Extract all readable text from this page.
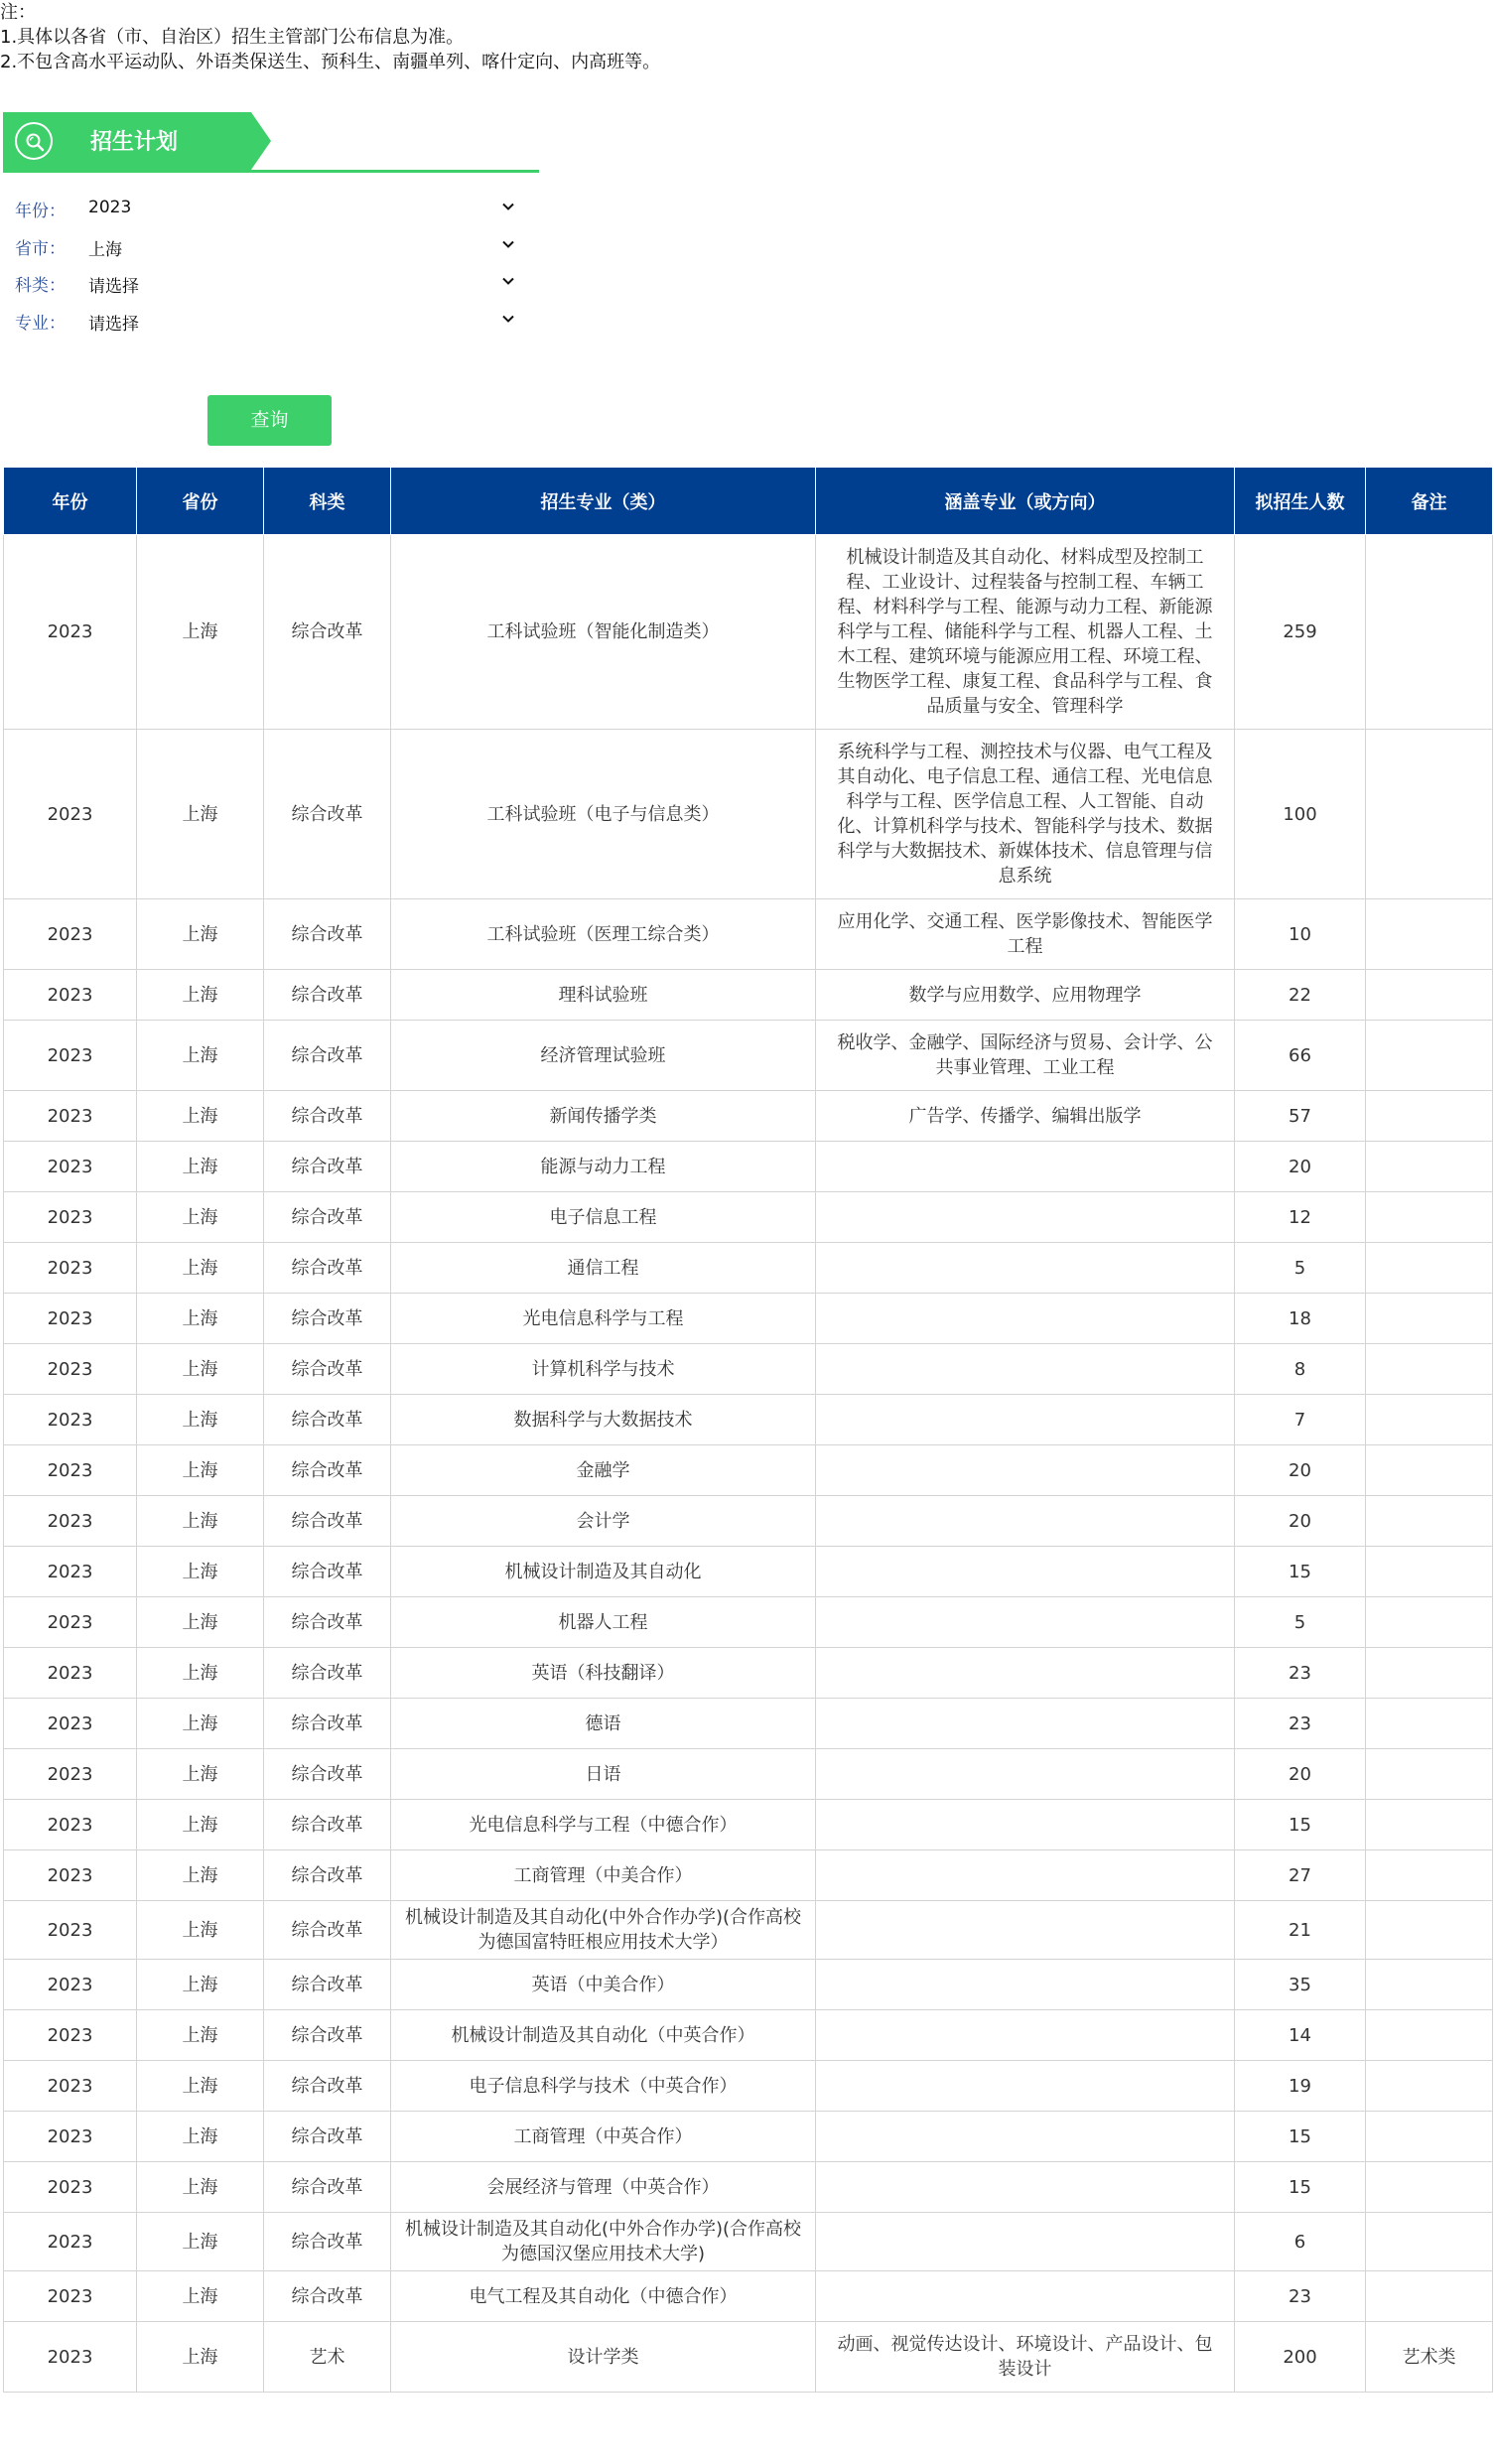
注：
1.具体以各省（市、自治区）招生主管部门公布信息为准。
2.不包含高水平运动队、外语类保送生、预科生、南疆单列、喀什定向、内高班等。
招生计划
年份： 2023
省市： 上海
科类： 请选择
专业： 请选择
查询
年份	省份	科类	招生专业（类）	涵盖专业（或方向）	拟招生人数	备注
2023	上海	综合改革	工科试验班（智能化制造类）	机械设计制造及其自动化、材料成型及控制工程、工业设计、过程装备与控制工程、车辆工程、材料科学与工程、能源与动力工程、新能源科学与工程、储能科学与工程、机器人工程、土木工程、建筑环境与能源应用工程、环境工程、生物医学工程、康复工程、食品科学与工程、食品质量与安全、管理科学	259	
2023	上海	综合改革	工科试验班（电子与信息类）	系统科学与工程、测控技术与仪器、电气工程及其自动化、电子信息工程、通信工程、光电信息科学与工程、医学信息工程、人工智能、自动化、计算机科学与技术、智能科学与技术、数据科学与大数据技术、新媒体技术、信息管理与信息系统	100	
2023	上海	综合改革	工科试验班（医理工综合类）	应用化学、交通工程、医学影像技术、智能医学工程	10	
2023	上海	综合改革	理科试验班	数学与应用数学、应用物理学	22	
2023	上海	综合改革	经济管理试验班	税收学、金融学、国际经济与贸易、会计学、公共事业管理、工业工程	66	
2023	上海	综合改革	新闻传播学类	广告学、传播学、编辑出版学	57	
2023	上海	综合改革	能源与动力工程		20	
2023	上海	综合改革	电子信息工程		12	
2023	上海	综合改革	通信工程		5	
2023	上海	综合改革	光电信息科学与工程		18	
2023	上海	综合改革	计算机科学与技术		8	
2023	上海	综合改革	数据科学与大数据技术		7	
2023	上海	综合改革	金融学		20	
2023	上海	综合改革	会计学		20	
2023	上海	综合改革	机械设计制造及其自动化		15	
2023	上海	综合改革	机器人工程		5	
2023	上海	综合改革	英语（科技翻译）		23	
2023	上海	综合改革	德语		23	
2023	上海	综合改革	日语		20	
2023	上海	综合改革	光电信息科学与工程（中德合作）		15	
2023	上海	综合改革	工商管理（中美合作）		27	
2023	上海	综合改革	机械设计制造及其自动化(中外合作办学)(合作高校为德国富特旺根应用技术大学）		21	
2023	上海	综合改革	英语（中美合作）		35	
2023	上海	综合改革	机械设计制造及其自动化（中英合作）		14	
2023	上海	综合改革	电子信息科学与技术（中英合作）		19	
2023	上海	综合改革	工商管理（中英合作）		15	
2023	上海	综合改革	会展经济与管理（中英合作）		15	
2023	上海	综合改革	机械设计制造及其自动化(中外合作办学)(合作高校为德国汉堡应用技术大学)		6	
2023	上海	综合改革	电气工程及其自动化（中德合作）		23	
2023	上海	艺术	设计学类	动画、视觉传达设计、环境设计、产品设计、包装设计	200	艺术类
